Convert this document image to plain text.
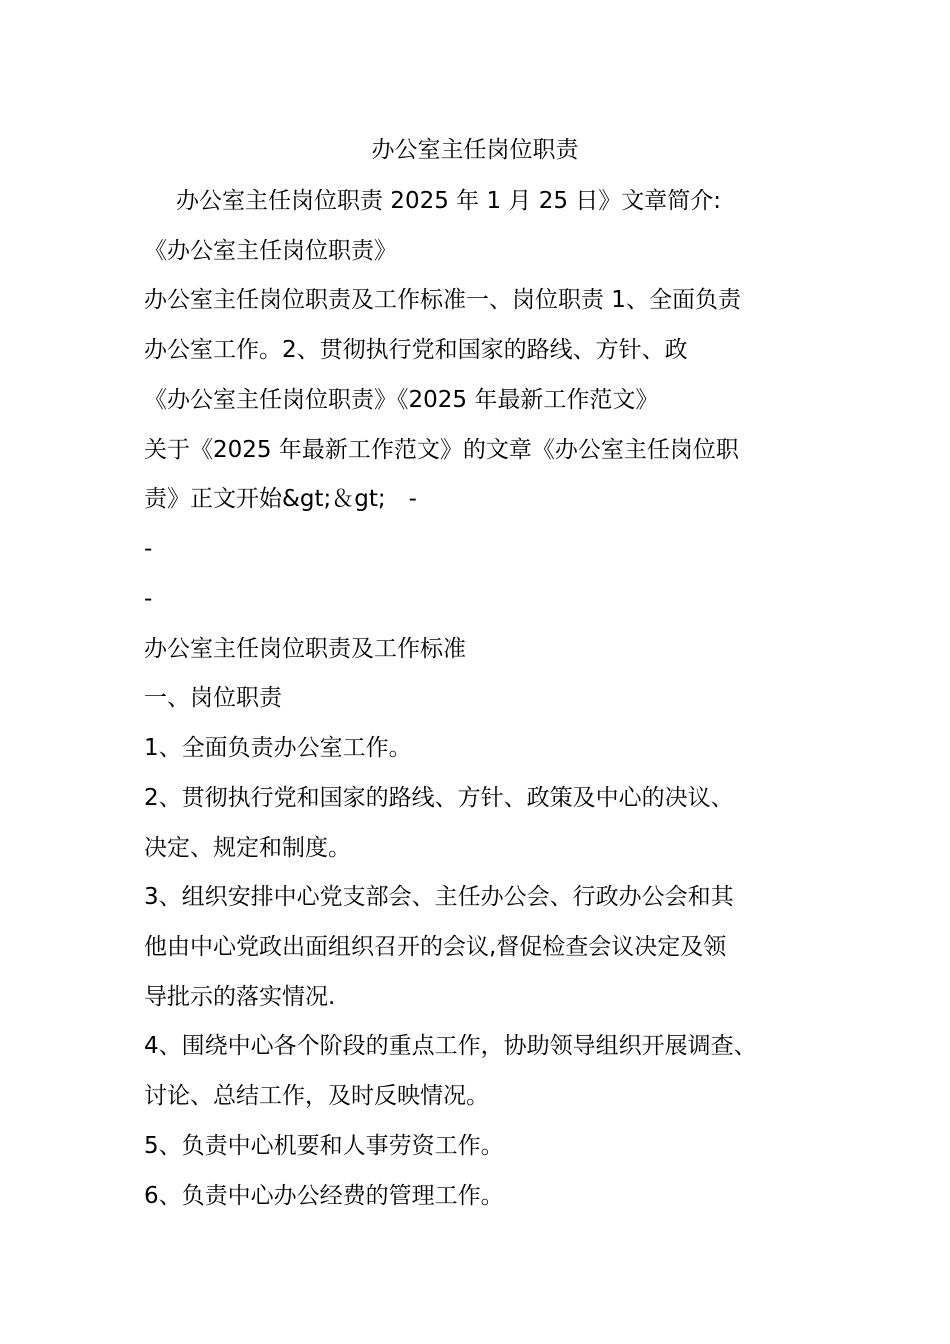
办公室主任岗位职责
办公室主任岗位职责 2025 年 1 月 25 日》文章简介:
《办公室主任岗位职责》
办公室主任岗位职责及工作标准一、岗位职责 1、全面负责
办公室工作。2、贯彻执行党和国家的路线、方针、政
《办公室主任岗位职责》《2025 年最新工作范文》
关于《2025 年最新工作范文》的文章《办公室主任岗位职
责》正文开始&gt;＆gt;　-
-
-
办公室主任岗位职责及工作标准
一、岗位职责
1、全面负责办公室工作。
2、贯彻执行党和国家的路线、方针、政策及中心的决议、
决定、规定和制度。
3、组织安排中心党支部会、主任办公会、行政办公会和其
他由中心党政出面组织召开的会议,督促检查会议决定及领
导批示的落实情况.
4、围绕中心各个阶段的重点工作，协助领导组织开展调查、
讨论、总结工作，及时反映情况。
5、负责中心机要和人事劳资工作。
6、负责中心办公经费的管理工作。
